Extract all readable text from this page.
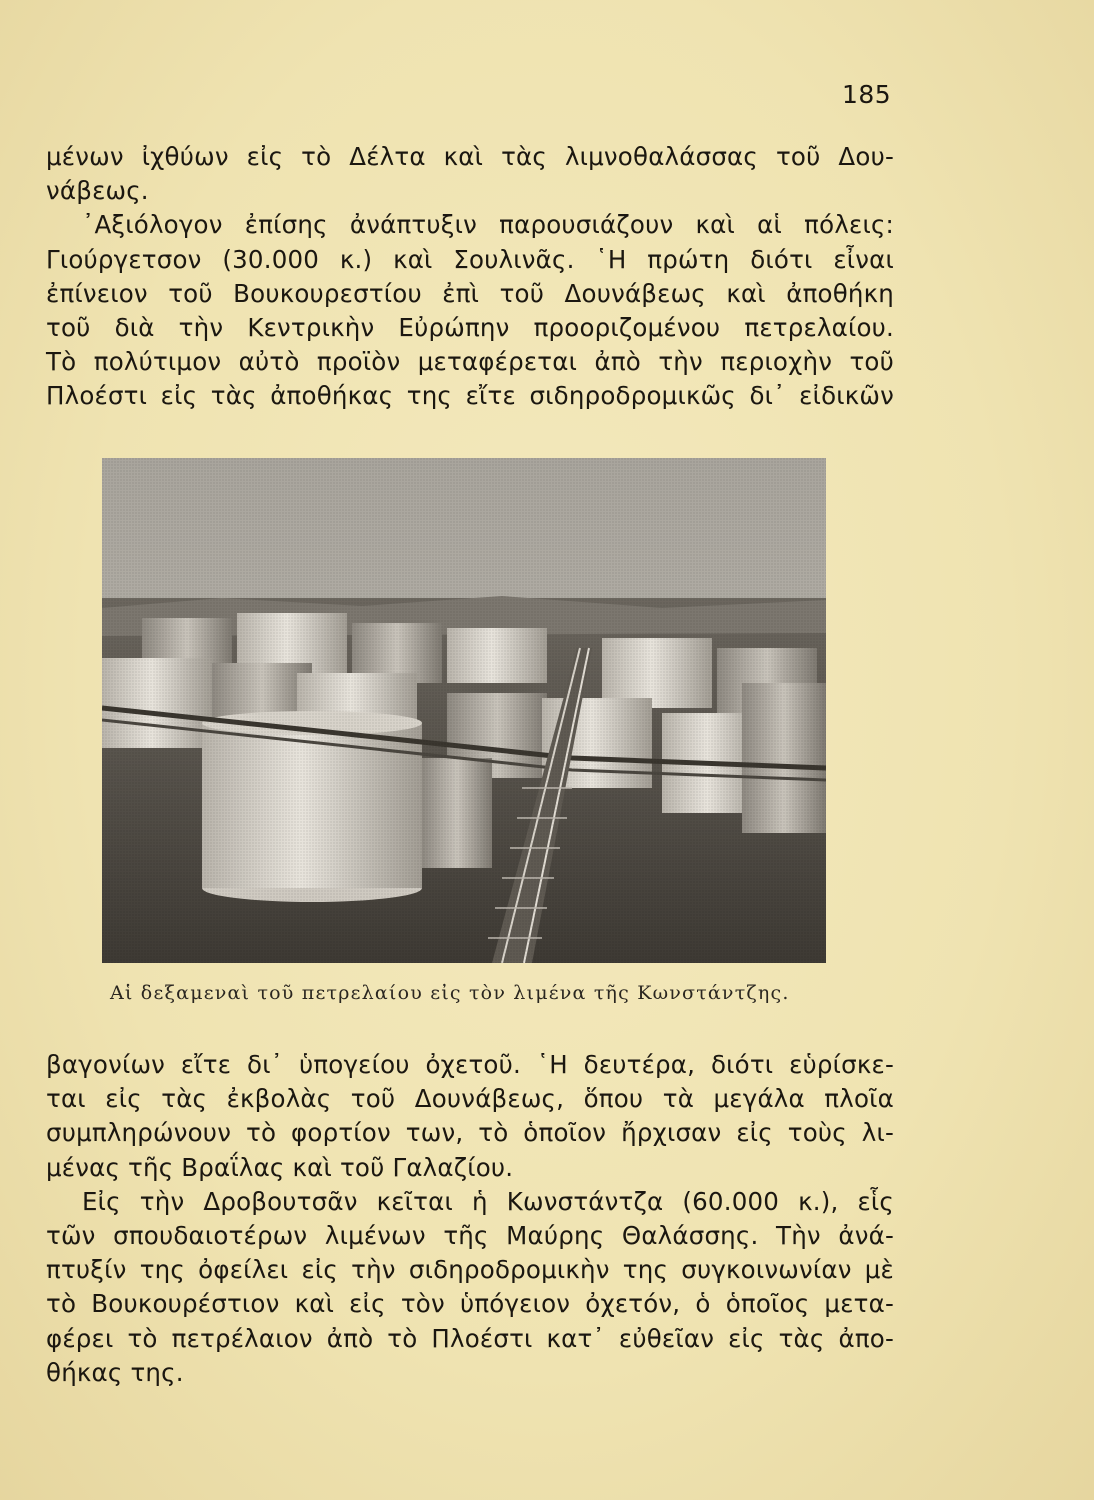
185
μένων ἰχθύων εἰς τὸ Δέλτα καὶ τὰς λιμνοθαλάσσας τοῦ Δου-
νάβεως.
᾽Αξιόλογον ἐπίσης ἀνάπτυξιν παρουσιάζουν καὶ αἱ πόλεις:
Γιούργετσον (30.000 κ.) καὶ Σουλινᾶς. ῾Η πρώτη διότι εἶναι
ἐπίνειον τοῦ Βουκουρεστίου ἐπὶ τοῦ Δουνάβεως καὶ ἀποθήκη
τοῦ διὰ τὴν Κεντρικὴν Εὐρώπην προοριζομένου πετρελαίου.
Τὸ πολύτιμον αὐτὸ προϊὸν μεταφέρεται ἀπὸ τὴν περιοχὴν τοῦ
Πλοέστι εἰς τὰς ἀποθήκας της εἴτε σιδηροδρομικῶς δι᾽ εἰδικῶν
Αἱ δεξαμεναὶ τοῦ πετρελαίου εἰς τὸν λιμένα τῆς Κωνστάντζης.
βαγονίων εἴτε δι᾽ ὑπογείου ὀχετοῦ. ῾Η δευτέρα, διότι εὑρίσκε-
ται εἰς τὰς ἐκβολὰς τοῦ Δουνάβεως, ὅπου τὰ μεγάλα πλοῖα
συμπληρώνουν τὸ φορτίον των, τὸ ὁποῖον ἤρχισαν εἰς τοὺς λι-
μένας τῆς Βραΐλας καὶ τοῦ Γαλαζίου.
Εἰς τὴν Δροβουτσᾶν κεῖται ἡ Κωνστάντζα (60.000 κ.), εἷς
τῶν σπουδαιοτέρων λιμένων τῆς Μαύρης Θαλάσσης. Τὴν ἀνά-
πτυξίν της ὀφείλει εἰς τὴν σιδηροδρομικὴν της συγκοινωνίαν μὲ
τὸ Βουκουρέστιον καὶ εἰς τὸν ὑπόγειον ὀχετόν, ὁ ὁποῖος μετα-
φέρει τὸ πετρέλαιον ἀπὸ τὸ Πλοέστι κατ᾽ εὐθεῖαν εἰς τὰς ἀπο-
θήκας της.
